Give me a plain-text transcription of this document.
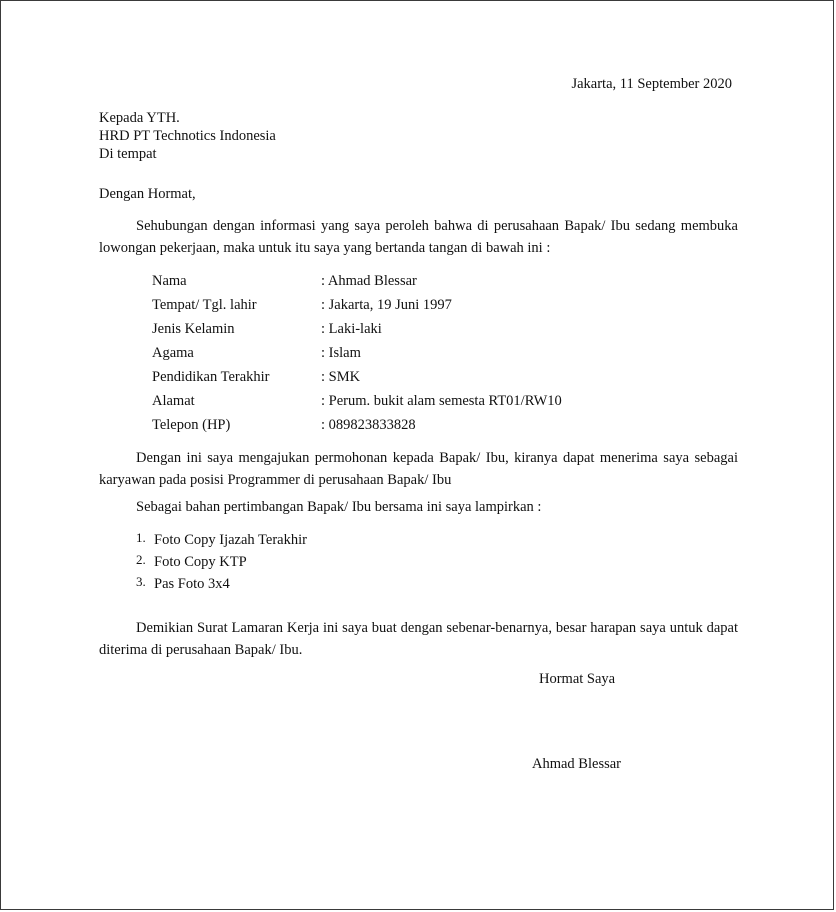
Jakarta, 11 September 2020
Kepada YTH.
HRD PT Technotics Indonesia
Di tempat
Dengan Hormat,
Sehubungan dengan informasi yang saya peroleh bahwa di perusahaan Bapak/ Ibu sedang membuka lowongan pekerjaan, maka untuk itu saya yang bertanda tangan di bawah ini :
Nama	: Ahmad Blessar
Tempat/ Tgl. lahir	: Jakarta, 19 Juni 1997
Jenis Kelamin	: Laki-laki
Agama	: Islam
Pendidikan Terakhir	: SMK
Alamat	: Perum. bukit alam semesta RT01/RW10
Telepon (HP)	: 089823833828
Dengan ini saya mengajukan permohonan kepada Bapak/ Ibu, kiranya dapat menerima saya sebagai karyawan pada posisi Programmer di perusahaan Bapak/ Ibu
Sebagai bahan pertimbangan Bapak/ Ibu bersama ini saya lampirkan :
1. Foto Copy Ijazah Terakhir
2. Foto Copy KTP
3. Pas Foto 3x4
Demikian Surat Lamaran Kerja ini saya buat dengan sebenar-benarnya, besar harapan saya untuk dapat diterima di perusahaan Bapak/ Ibu.
Hormat Saya
Ahmad Blessar
